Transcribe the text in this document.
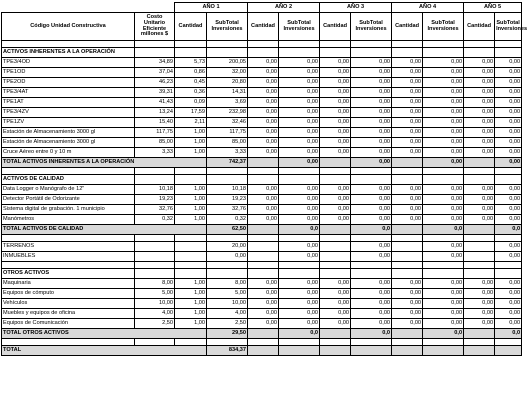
		AÑO 1		AÑO 2		AÑO 3		AÑO 4		AÑO 5	
Código Unidad Constructiva	Costo Unitario Eficiente millones $	Cantidad	SubTotal Inversiones	Cantidad	SubTotal Inversiones	Cantidad	SubTotal Inversiones	Cantidad	SubTotal Inversiones	Cantidad	SubTotal Inversiones

ACTIVOS INHERENTES A LA OPERACIÓN											
TPE3/4OD	34,89	5,73	200,05	0,00	0,00	0,00	0,00	0,00	0,00	0,00	0,00
TPE1OD	37,04	0,86	32,00	0,00	0,00	0,00	0,00	0,00	0,00	0,00	0,00
TPE2OD	46,23	0,45	20,80	0,00	0,00	0,00	0,00	0,00	0,00	0,00	0,00
TPE3/4AT	39,31	0,36	14,31	0,00	0,00	0,00	0,00	0,00	0,00	0,00	0,00
TPE1AT	41,43	0,09	3,69	0,00	0,00	0,00	0,00	0,00	0,00	0,00	0,00
TPE3/4ZV	13,24	17,59	232,98	0,00	0,00	0,00	0,00	0,00	0,00	0,00	0,00
TPE1ZV	15,40	2,11	32,46	0,00	0,00	0,00	0,00	0,00	0,00	0,00	0,00
Estación de Almacenamiento 3000 gl	117,75	1,00	117,75	0,00	0,00	0,00	0,00	0,00	0,00	0,00	0,00
Estación de Almacenamiento 3000 gl	85,00	1,00	85,00	0,00	0,00	0,00	0,00	0,00	0,00	0,00	0,00
Cruce Aéreo entre 0 y 10 m	3,33	1,00	3,33	0,00	0,00	0,00	0,00	0,00	0,00	0,00	0,00
TOTAL ACTIVOS INHERENTES A LA OPERACIÓN			742,37		0,00		0,00		0,00		0,00

ACTIVOS DE CALIDAD											
Data Logger o Manógrafo de 12"	10,18	1,00	10,18	0,00	0,00	0,00	0,00	0,00	0,00	0,00	0,00
Detector Portátil de Odorizante	19,23	1,00	19,23	0,00	0,00	0,00	0,00	0,00	0,00	0,00	0,00
Sistema digital de grabación. 1 municipio	32,76	1,00	32,76	0,00	0,00	0,00	0,00	0,00	0,00	0,00	0,00
Manómetros	0,32	1,00	0,32	0,00	0,00	0,00	0,00	0,00	0,00	0,00	0,00
TOTAL ACTIVOS DE CALIDAD			62,50		0,0		0,0		0,0		0,0

TERRENOS			20,00		0,00		0,00		0,00		0,00
INMUEBLES			0,00		0,00		0,00		0,00		0,00

OTROS ACTIVOS											
Maquinaria	8,00	1,00	8,00	0,00	0,00	0,00	0,00	0,00	0,00	0,00	0,00
Equipos de cómputo	5,00	1,00	5,00	0,00	0,00	0,00	0,00	0,00	0,00	0,00	0,00
Vehículos	10,00	1,00	10,00	0,00	0,00	0,00	0,00	0,00	0,00	0,00	0,00
Muebles y equipos de oficina	4,00	1,00	4,00	0,00	0,00	0,00	0,00	0,00	0,00	0,00	0,00
Equipos de Comunicación	2,50	1,00	2,50	0,00	0,00	0,00	0,00	0,00	0,00	0,00	0,00
TOTAL OTROS ACTIVOS			29,50		0,0		0,0		0,0		0,0

TOTAL			834,37								
